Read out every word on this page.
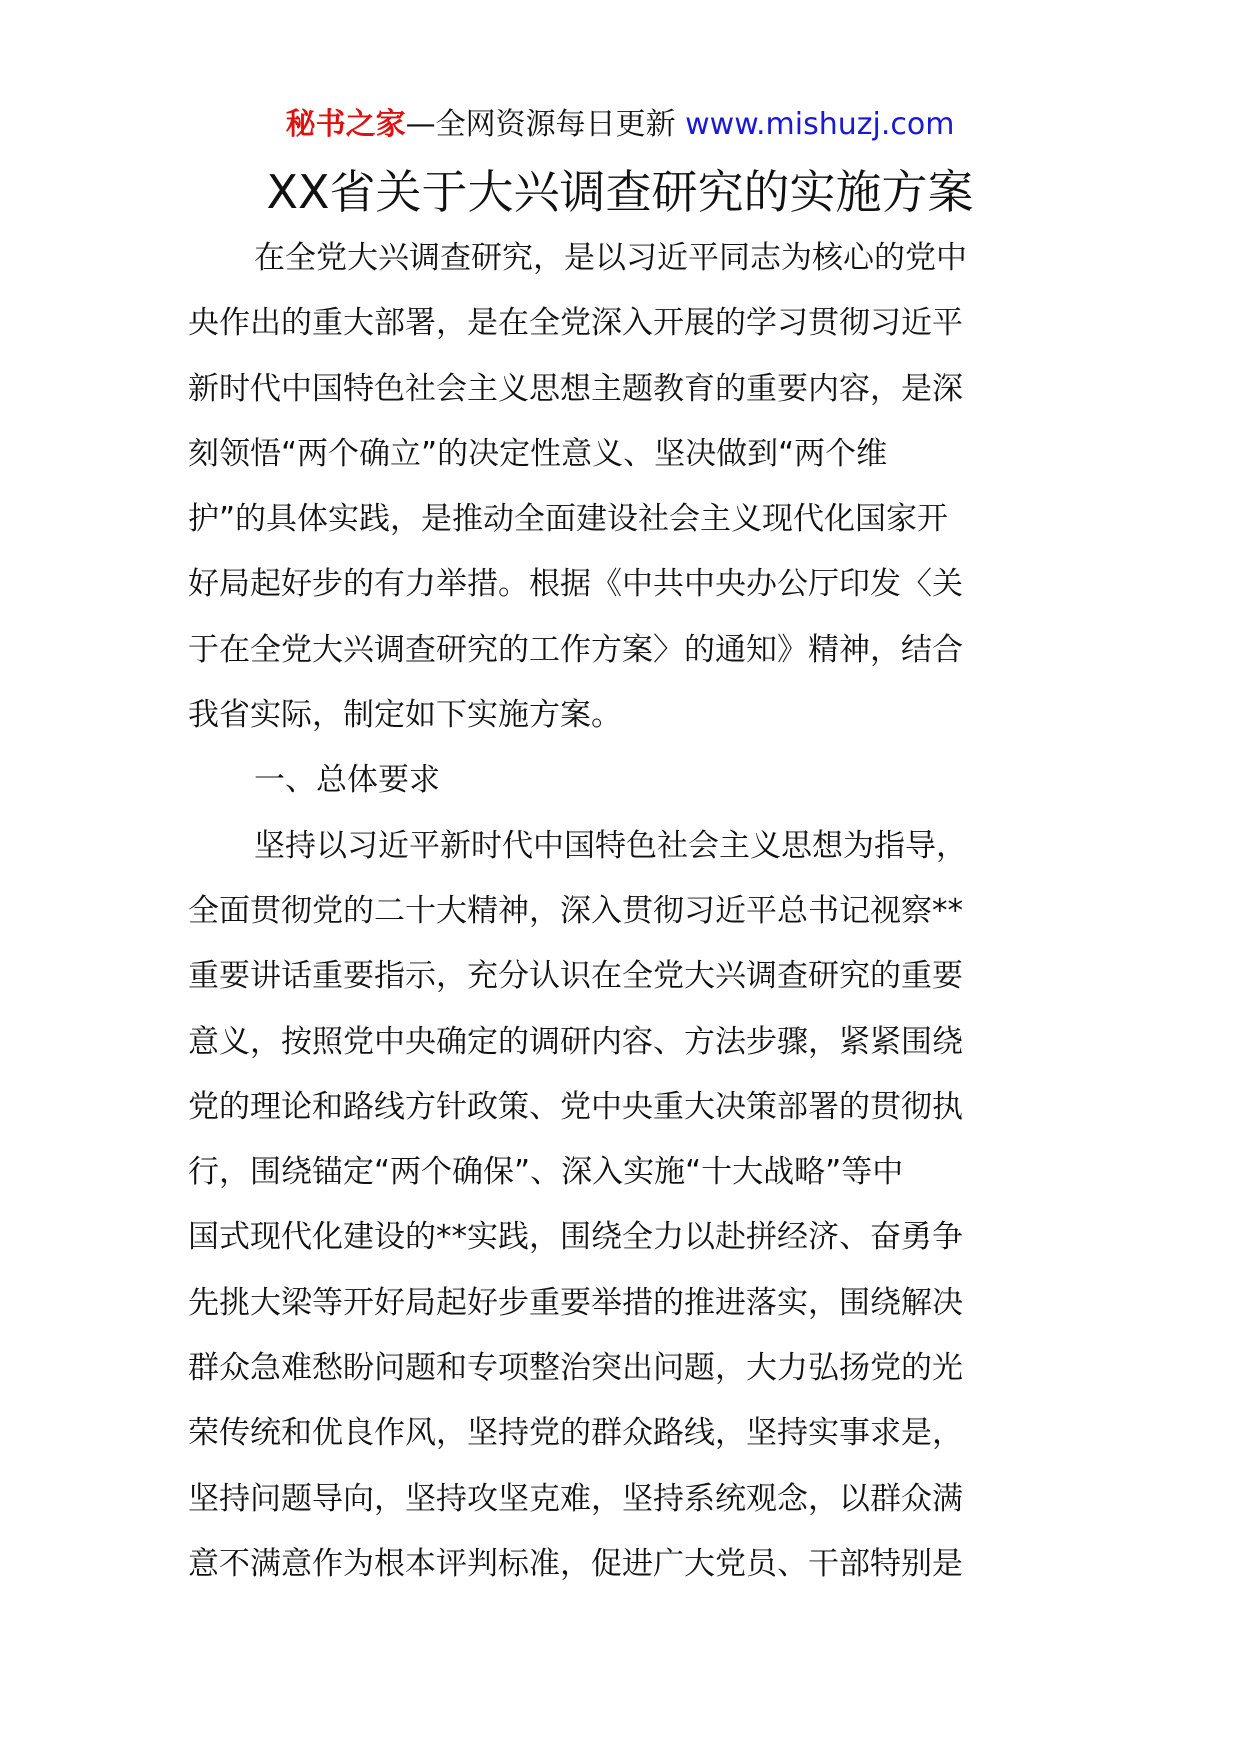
秘书之家—全网资源每日更新 www.mishuzj.com
XX省关于大兴调查研究的实施方案
在全党大兴调查研究，是以习近平同志为核心的党中
央作出的重大部署，是在全党深入开展的学习贯彻习近平
新时代中国特色社会主义思想主题教育的重要内容，是深
刻领悟“两个确立”的决定性意义、坚决做到“两个维
护”的具体实践，是推动全面建设社会主义现代化国家开
好局起好步的有力举措。根据《中共中央办公厅印发〈关
于在全党大兴调查研究的工作方案〉的通知》精神，结合
我省实际，制定如下实施方案。
一、总体要求
坚持以习近平新时代中国特色社会主义思想为指导，
全面贯彻党的二十大精神，深入贯彻习近平总书记视察**
重要讲话重要指示，充分认识在全党大兴调查研究的重要
意义，按照党中央确定的调研内容、方法步骤，紧紧围绕
党的理论和路线方针政策、党中央重大决策部署的贯彻执
行，围绕锚定“两个确保”、深入实施“十大战略”等中
国式现代化建设的**实践，围绕全力以赴拼经济、奋勇争
先挑大梁等开好局起好步重要举措的推进落实，围绕解决
群众急难愁盼问题和专项整治突出问题，大力弘扬党的光
荣传统和优良作风，坚持党的群众路线，坚持实事求是，
坚持问题导向，坚持攻坚克难，坚持系统观念，以群众满
意不满意作为根本评判标准，促进广大党员、干部特别是
